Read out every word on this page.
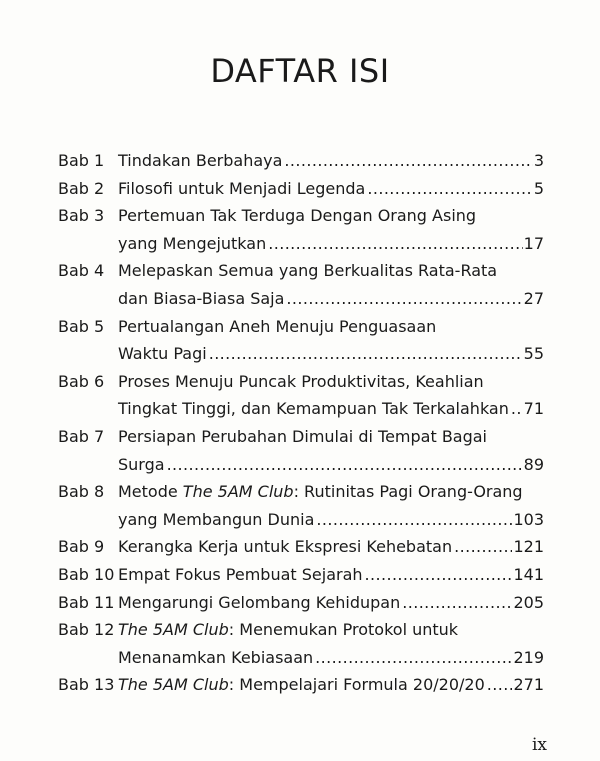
DAFTAR ISI
Bab 1 Tindakan Berbahaya .....	3
Bab 2 Filosofi untuk Menjadi Legenda .....	5
Bab 3 Pertemuan Tak Terduga Dengan Orang Asing
yang Mengejutkan .....	17
Bab 4 Melepaskan Semua yang Berkualitas Rata-Rata
dan Biasa-Biasa Saja .....	27
Bab 5 Pertualangan Aneh Menuju Penguasaan
Waktu Pagi .....	55
Bab 6 Proses Menuju Puncak Produktivitas, Keahlian
Tingkat Tinggi, dan Kemampuan Tak Terkalahkan ..... 71
Bab 7 Persiapan Perubahan Dimulai di Tempat Bagai
Surga .....	89
Bab 8 Metode The 5AM Club: Rutinitas Pagi Orang-Orang
yang Membangun Dunia .....	103
Bab 9 Kerangka Kerja untuk Ekspresi Kehebatan .....	121
Bab 10 Empat Fokus Pembuat Sejarah .....	141
Bab 11 Mengarungi Gelombang Kehidupan .....	205
Bab 12 The 5AM Club: Menemukan Protokol untuk
Menanamkan Kebiasaan .....	219
Bab 13 The 5AM Club: Mempelajari Formula 20/20/20 ..... 271
ix
